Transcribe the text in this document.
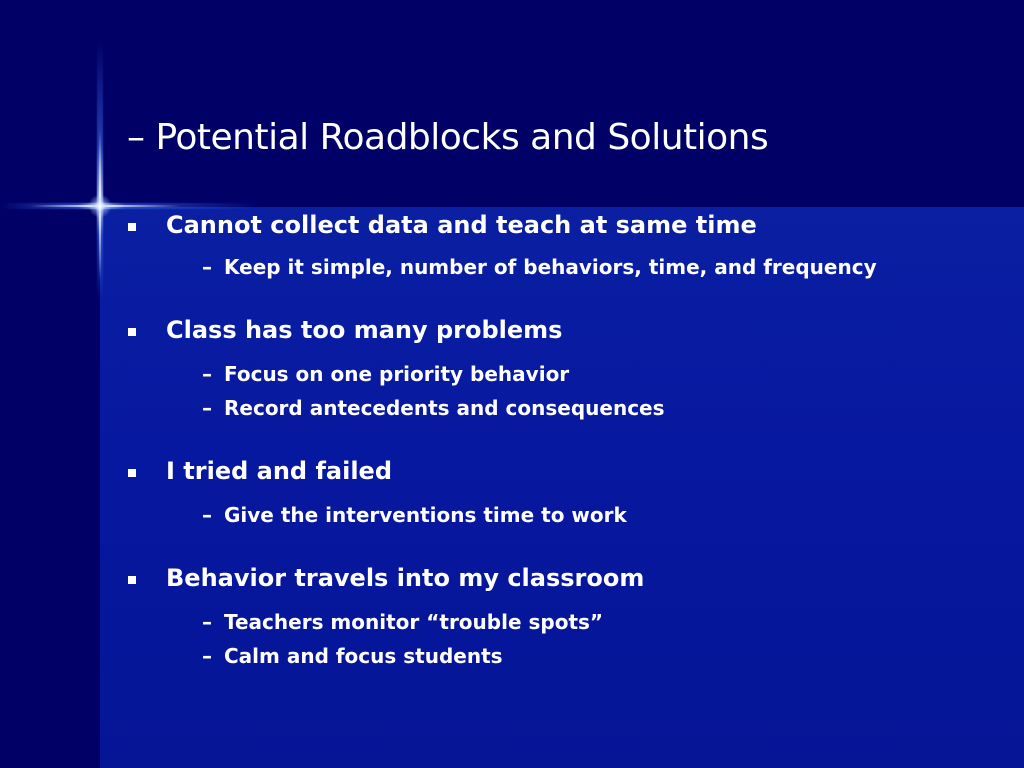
– Potential Roadblocks and Solutions
Cannot collect data and teach at same time
– Keep it simple, number of behaviors, time, and frequency
Class has too many problems
– Focus on one priority behavior
– Record antecedents and consequences
I tried and failed
– Give the interventions time to work
Behavior travels into my classroom
– Teachers monitor “trouble spots”
– Calm and focus students
